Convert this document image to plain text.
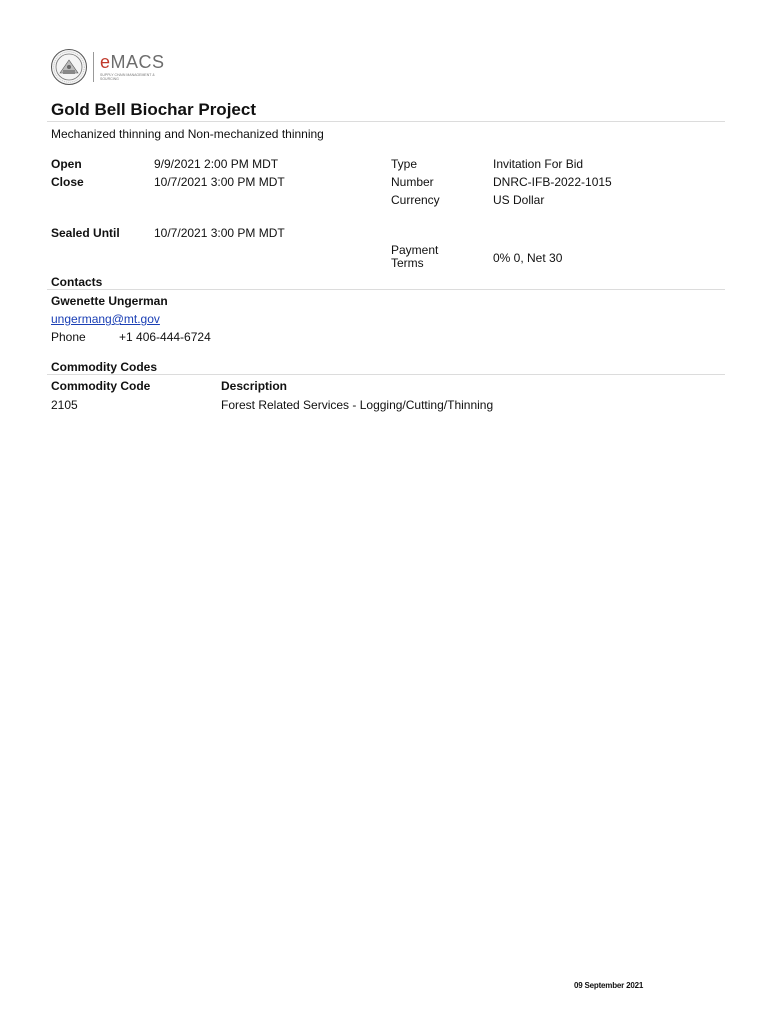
eMACS
SUPPLY CHAIN MANAGEMENT & SOURCING
Gold Bell Biochar Project
Mechanized thinning and Non-mechanized thinning
Open	9/9/2021 2:00 PM MDT
Close	10/7/2021 3:00 PM MDT
Sealed Until	10/7/2021 3:00 PM MDT
Type	Invitation For Bid
Number	DNRC-IFB-2022-1015
Currency	US Dollar
Payment
Terms	0% 0, Net 30
Contacts
Gwenette Ungerman
ungermang@mt.gov
Phone	+1 406-444-6724
Commodity Codes
Commodity Code	Description
2105	Forest Related Services - Logging/Cutting/Thinning
09 September 2021
